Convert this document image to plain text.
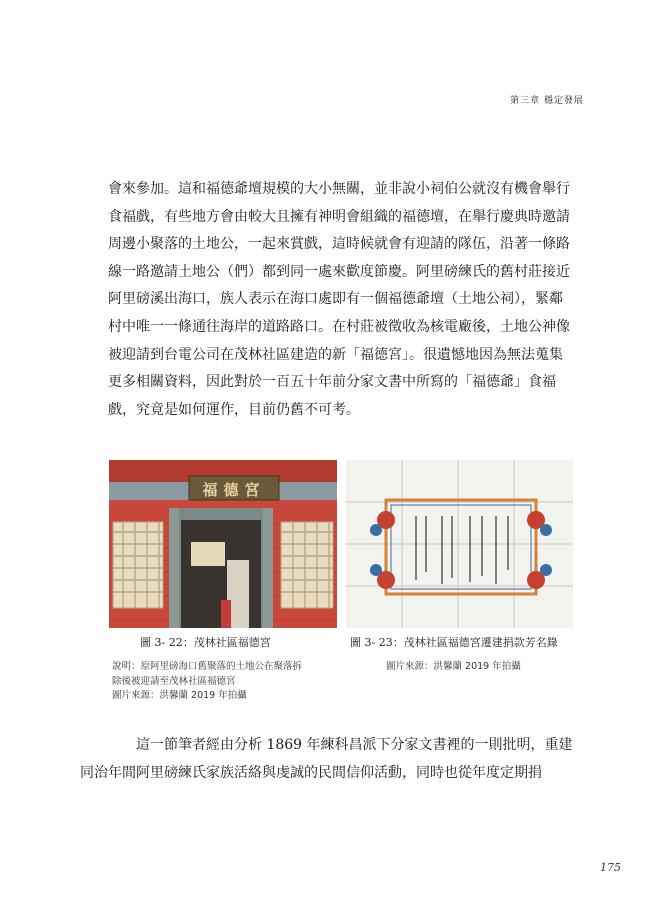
第三章 穩定發展

會來參加。這和福德爺壇規模的大小無關，並非說小祠伯公就沒有機會舉行
食福戲，有些地方會由較大且擁有神明會組織的福德壇，在舉行慶典時邀請
周邊小聚落的土地公，一起來賞戲，這時候就會有迎請的隊伍，沿著一條路
線一路邀請土地公（們）都到同一處來歡度節慶。阿里磅練氏的舊村莊接近
阿里磅溪出海口，族人表示在海口處即有一個福德爺壇（土地公祠），緊鄰
村中唯一一條通往海岸的道路路口。在村莊被徵收為核電廠後，土地公神像
被迎請到台電公司在茂林社區建造的新「福德宮」。很遺憾地因為無法蒐集
更多相關資料，因此對於一百五十年前分家文書中所寫的「福德爺」食福
戲，究竟是如何運作，目前仍舊不可考。

福德宮
圖 3- 22：茂林社區福德宮	圖 3- 23：茂林社區福德宮遷建捐款芳名錄
說明：原阿里磅海口舊聚落的土地公在聚落拆
除後被迎請至茂林社區福德宮
圖片來源：洪馨蘭 2019 年拍攝
圖片來源：洪馨蘭 2019 年拍攝

這一節筆者經由分析 1869 年練科昌派下分家文書裡的一則批明，重建
同治年間阿里磅練氏家族活絡與虔誠的民間信仰活動，同時也從年度定期捐

175
